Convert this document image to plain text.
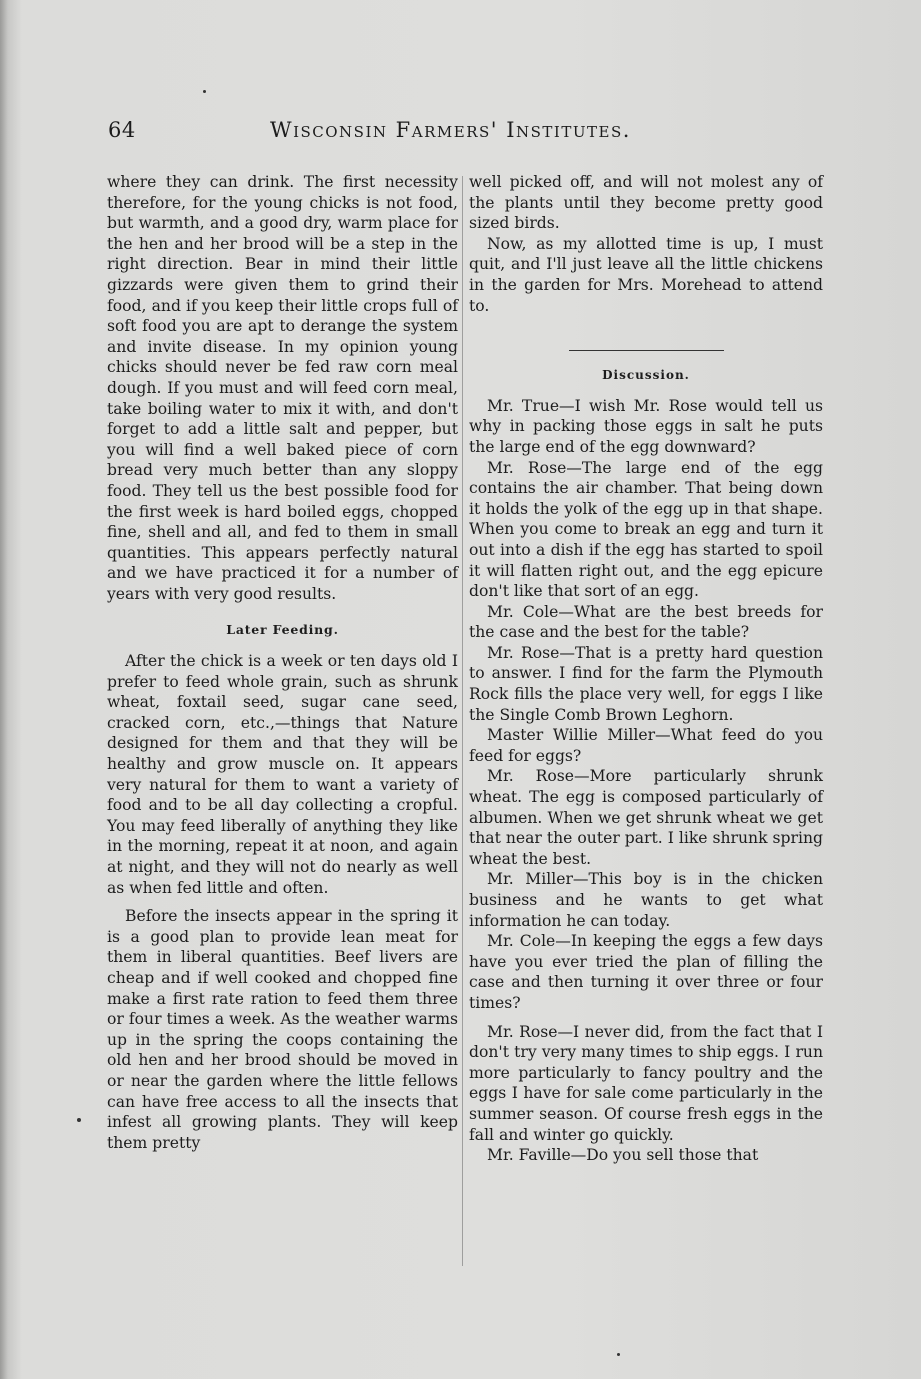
64	Wisconsin Farmers' Institutes.

where they can drink. The first necessity therefore, for the young chicks is not food, but warmth, and a good dry, warm place for the hen and her brood will be a step in the right direction. Bear in mind their little gizzards were given them to grind their food, and if you keep their little crops full of soft food you are apt to derange the system and invite disease. In my opinion young chicks should never be fed raw corn meal dough. If you must and will feed corn meal, take boiling water to mix it with, and don't forget to add a little salt and pepper, but you will find a well baked piece of corn bread very much better than any sloppy food. They tell us the best possible food for the first week is hard boiled eggs, chopped fine, shell and all, and fed to them in small quantities. This appears perfectly natural and we have practiced it for a number of years with very good results.

Later Feeding.

After the chick is a week or ten days old I prefer to feed whole grain, such as shrunk wheat, foxtail seed, sugar cane seed, cracked corn, etc.,—things that Nature designed for them and that they will be healthy and grow muscle on. It appears very natural for them to want a variety of food and to be all day collecting a cropful. You may feed liberally of anything they like in the morning, repeat it at noon, and again at night, and they will not do nearly as well as when fed little and often.

Before the insects appear in the spring it is a good plan to provide lean meat for them in liberal quantities. Beef livers are cheap and if well cooked and chopped fine make a first rate ration to feed them three or four times a week. As the weather warms up in the spring the coops containing the old hen and her brood should be moved in or near the garden where the little fellows can have free access to all the insects that infest all growing plants. They will keep them pretty

well picked off, and will not molest any of the plants until they become pretty good sized birds.

Now, as my allotted time is up, I must quit, and I'll just leave all the little chickens in the garden for Mrs. Morehead to attend to.

Discussion.

Mr. True—I wish Mr. Rose would tell us why in packing those eggs in salt he puts the large end of the egg downward?

Mr. Rose—The large end of the egg contains the air chamber. That being down it holds the yolk of the egg up in that shape. When you come to break an egg and turn it out into a dish if the egg has started to spoil it will flatten right out, and the egg epicure don't like that sort of an egg.

Mr. Cole—What are the best breeds for the case and the best for the table?

Mr. Rose—That is a pretty hard question to answer. I find for the farm the Plymouth Rock fills the place very well, for eggs I like the Single Comb Brown Leghorn.

Master Willie Miller—What feed do you feed for eggs?

Mr. Rose—More particularly shrunk wheat. The egg is composed particularly of albumen. When we get shrunk wheat we get that near the outer part. I like shrunk spring wheat the best.

Mr. Miller—This boy is in the chicken business and he wants to get what information he can today.

Mr. Cole—In keeping the eggs a few days have you ever tried the plan of filling the case and then turning it over three or four times?

Mr. Rose—I never did, from the fact that I don't try very many times to ship eggs. I run more particularly to fancy poultry and the eggs I have for sale come particularly in the summer season. Of course fresh eggs in the fall and winter go quickly.

Mr. Faville—Do you sell those that
